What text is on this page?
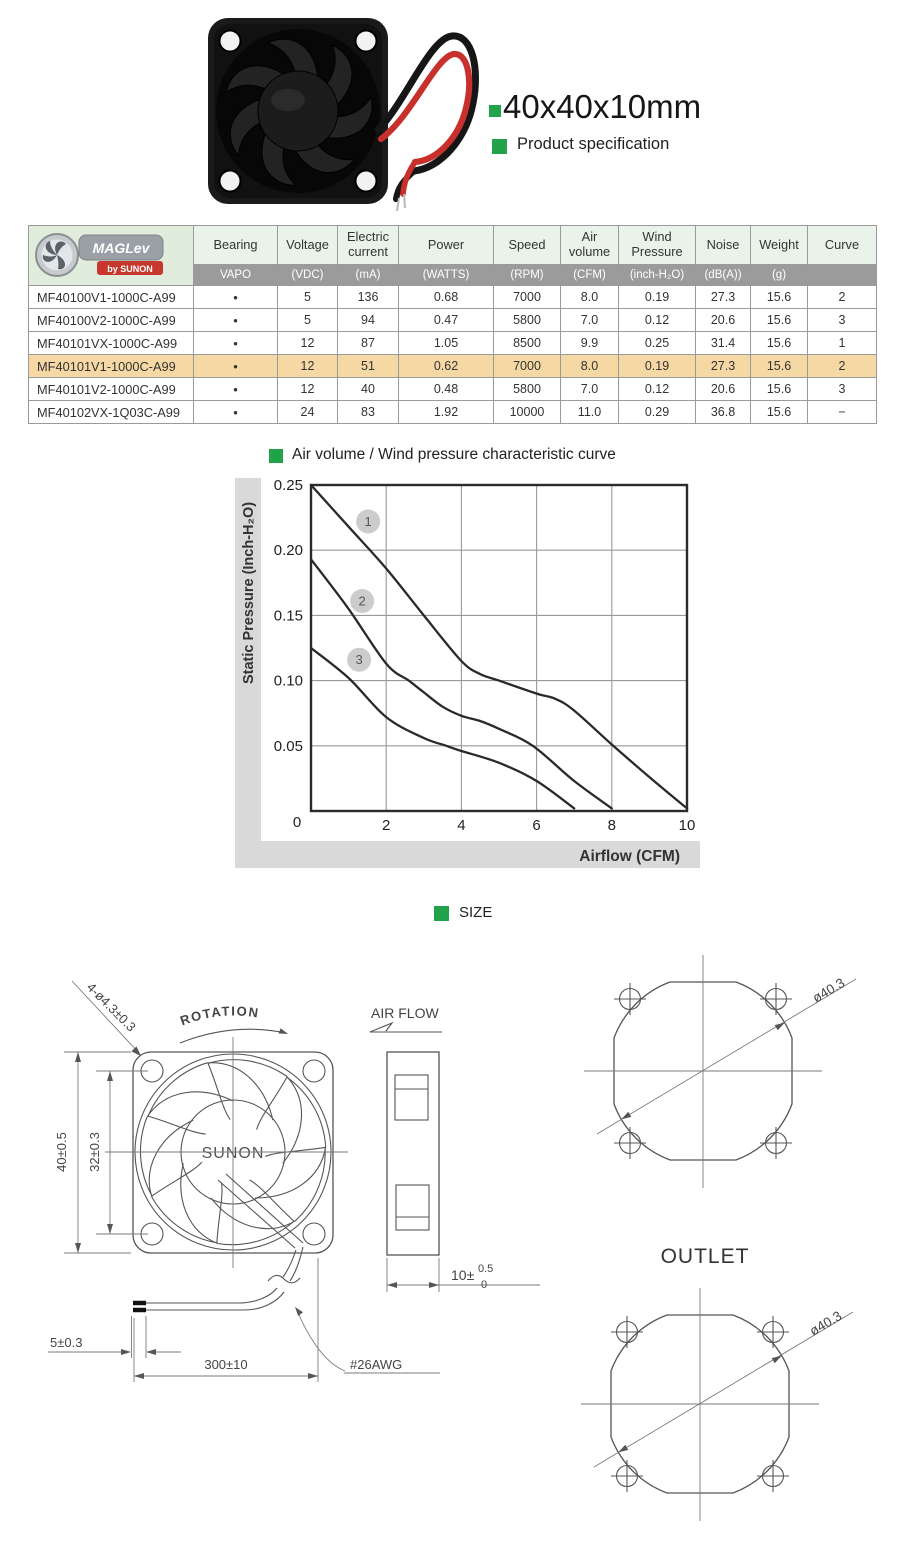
40x40x10mm
Product specification
	Bearing	Voltage	Electric current	Power	Speed	Air volume	Wind Pressure	Noise	Weight	Curve
	VAPO	(VDC)	(mA)	(WATTS)	(RPM)	(CFM)	(inch-H₂O)	(dB(A))	(g)	
MF40100V1-1000C-A99	•	5	136	0.68	7000	8.0	0.19	27.3	15.6	2
MF40100V2-1000C-A99	•	5	94	0.47	5800	7.0	0.12	20.6	15.6	3
MF40101VX-1000C-A99	•	12	87	1.05	8500	9.9	0.25	31.4	15.6	1
MF40101V1-1000C-A99	•	12	51	0.62	7000	8.0	0.19	27.3	15.6	2
MF40101V2-1000C-A99	•	12	40	0.48	5800	7.0	0.12	20.6	15.6	3
MF40102VX-1Q03C-A99	•	24	83	1.92	10000	11.0	0.29	36.8	15.6	−
MAGLev
by SUNON
Air volume / Wind pressure characteristic curve
Static Pressure (Inch-H₂O)
Airflow (CFM)
0	2	4	6	8	10
0.25
0.20
0.15
0.10
0.05
1
2
3
SIZE
ROTATION
4-ø4.3±0.3
SUNON
40±0.5 32±0.3
5±0.3
300±10	#26AWG
AIR FLOW
10± 0.5
0
ø40.3
OUTLET
ø40.3
